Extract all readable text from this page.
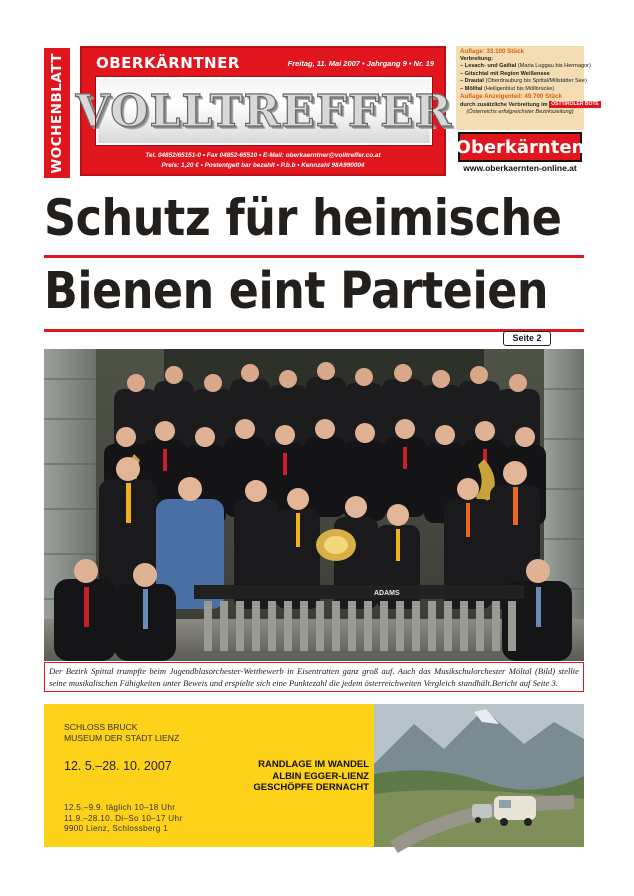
WOCHENBLATT OBERKÄRNTNER	Freitag, 11. Mai 2007 • Jahrgang 9 • Nr. 19
VOLLTREFFER
Tel. 04852/65151-0 • Fax 04852-65510 • E-Mail: oberkaerntner@volltreffer.co.at
Preis: 1,20 € • Postentgelt bar bezahlt • P.b.b • Kennzahl 98A990004
Auflage: 33.100 Stück
Verbreitung:
– Lesach- und Gailtal (Maria Luggau bis Hermagor)
– Gitschtal mit Region Weißensee
– Drautal (Oberdrauburg bis Spittal/Millstätter See)
– Mölltal (Heiligenblut bis Möllbrücke)
Auflage Anzeigenteil: 49.700 Stück
durch zusätzliche Verbreitung im OSTTIROLER BOTE
(Österreichs erfolgreichster Bezirkszeitung)
Oberkärnten
www.oberkaernten-online.at
Schutz für heimische
Bienen eint Parteien
Seite 2
ADAMS
Der Bezirk Spittal trumpfte beim Jugendblasorchester-Wettbewerb in Eisentratten ganz groß auf. Auch das Musikschulorchester Möltal (Bild) stellte seine musikalischen Fähigkeiten unter Beweis und erspielte sich eine Punktezahl die jedem österreichweiten Vergleich standhält.Bericht auf Seite 3.
SCHLOSS BRUCK
MUSEUM DER STADT LIENZ
12. 5.–28. 10. 2007	RANDLAGE IM WANDEL
ALBIN EGGER-LIENZ
GESCHÖPFE DERNACHT
12.5.–9.9. täglich 10–18 Uhr
11.9.–28.10. Di–So 10–17 Uhr
9900 Lienz, Schlossberg 1
